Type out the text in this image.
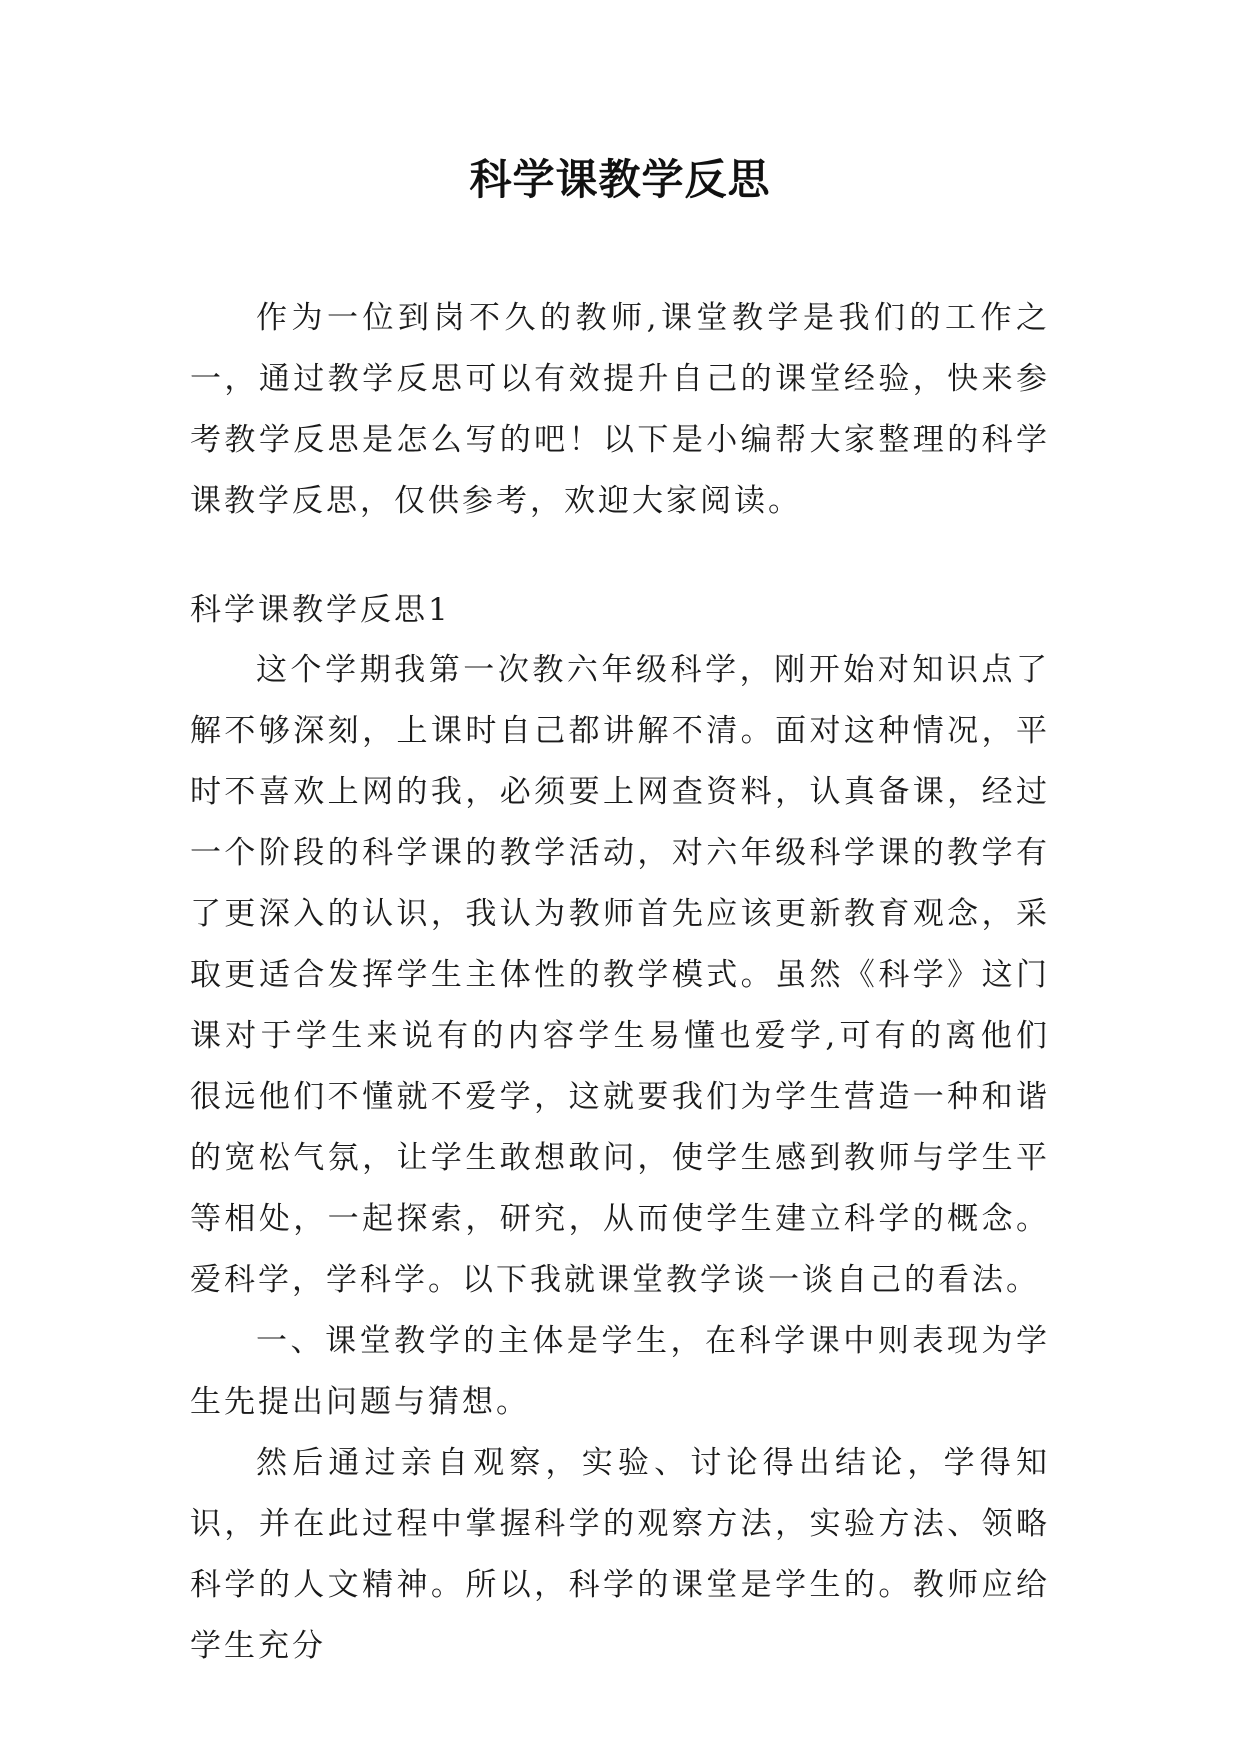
科学课教学反思
作为一位到岗不久的教师,课堂教学是我们的工作之一，通过教学反思可以有效提升自己的课堂经验，快来参考教学反思是怎么写的吧！以下是小编帮大家整理的科学课教学反思，仅供参考，欢迎大家阅读。
科学课教学反思1

这个学期我第一次教六年级科学，刚开始对知识点了解不够深刻，上课时自己都讲解不清。面对这种情况，平时不喜欢上网的我，必须要上网查资料，认真备课，经过一个阶段的科学课的教学活动，对六年级科学课的教学有了更深入的认识，我认为教师首先应该更新教育观念，采取更适合发挥学生主体性的教学模式。虽然《科学》这门课对于学生来说有的内容学生易懂也爱学,可有的离他们很远他们不懂就不爱学，这就要我们为学生营造一种和谐的宽松气氛，让学生敢想敢问，使学生感到教师与学生平等相处，一起探索，研究，从而使学生建立科学的概念。爱科学，学科学。以下我就课堂教学谈一谈自己的看法。

一、课堂教学的主体是学生，在科学课中则表现为学生先提出问题与猜想。

然后通过亲自观察，实验、讨论得出结论，学得知识，并在此过程中掌握科学的观察方法，实验方法、领略科学的人文精神。所以，科学的课堂是学生的。教师应给学生充分
